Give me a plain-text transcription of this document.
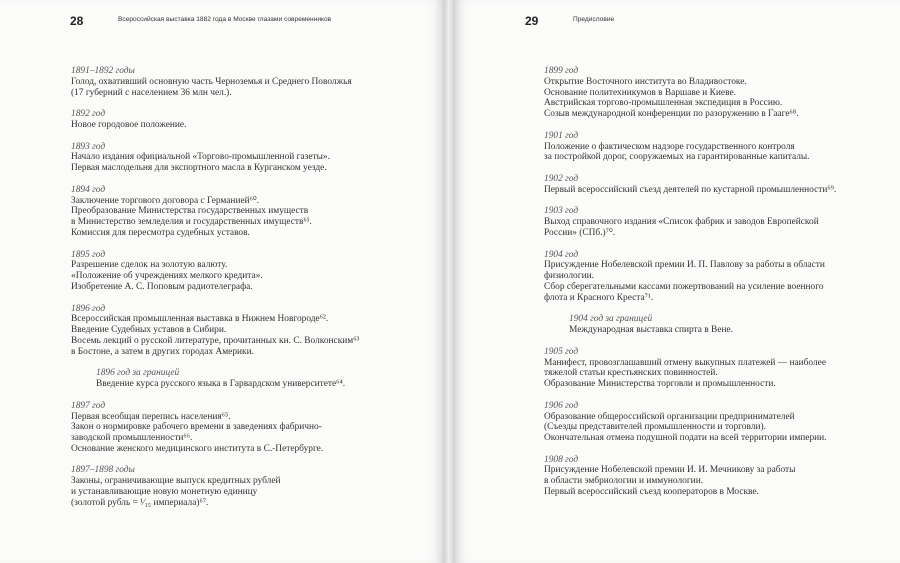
28	Всероссийская выставка 1882 года в Москве глазами современников
1891–1892 годы
Голод, охвативший основную часть Черноземья и Среднего Поволжья
(17 губерний с населением 36 млн чел.).
1892 год
Новое городовое положение.
1893 год
Начало издания официальной «Торгово-промышленной газеты».
Первая маслодельня для экспортного масла в Курганском уезде.
1894 год
Заключение торгового договора с Германией⁶⁰.
Преобразование Министерства государственных имуществ
в Министерство земледелия и государственных имуществ⁶¹.
Комиссия для пересмотра судебных уставов.
1895 год
Разрешение сделок на золотую валюту.
«Положение об учреждениях мелкого кредита».
Изобретение А. С. Поповым радиотелеграфа.
1896 год
Всероссийская промышленная выставка в Нижнем Новгороде⁶².
Введение Судебных уставов в Сибири.
Восемь лекций о русской литературе, прочитанных кн. С. Волконским⁶³
в Бостоне, а затем в других городах Америки.
1896 год за границей
Введение курса русского языка в Гарвардском университете⁶⁴.
1897 год
Первая всеобщая перепись населения⁶⁵.
Закон о нормировке рабочего времени в заведениях фабрично-
заводской промышленности⁶⁶.
Основание женского медицинского института в С.-Петербурге.
1897–1898 годы
Законы, ограничивающие выпуск кредитных рублей
и устанавливающие новую монетную единицу
(золотой рубль = ¹⁄₁₅ империала)⁶⁷.
29	Предисловие
1899 год
Открытие Восточного института во Владивостоке.
Основание политехникумов в Варшаве и Киеве.
Австрийская торгово-промышленная экспедиция в Россию.
Созыв международной конференции по разоружению в Гааге⁶⁸.
1901 год
Положение о фактическом надзоре государственного контроля
за постройкой дорог, сооружаемых на гарантированные капиталы.
1902 год
Первый всероссийский съезд деятелей по кустарной промышленности⁶⁹.
1903 год
Выход справочного издания «Список фабрик и заводов Европейской
России» (СПб.)⁷⁰.
1904 год
Присуждение Нобелевской премии И. П. Павлову за работы в области
физиологии.
Сбор сберегательными кассами пожертвований на усиление военного
флота и Красного Креста⁷¹.
1904 год за границей
Международная выставка спирта в Вене.
1905 год
Манифест, провозглашавший отмену выкупных платежей — наиболее
тяжелой статьи крестьянских повинностей.
Образование Министерства торговли и промышленности.
1906 год
Образование общероссийской организации предпринимателей
(Съезды представителей промышленности и торговли).
Окончательная отмена подушной подати на всей территории империи.
1908 год
Присуждение Нобелевской премии И. И. Мечникову за работы
в области эмбриологии и иммунологии.
Первый всероссийский съезд кооператоров в Москве.
